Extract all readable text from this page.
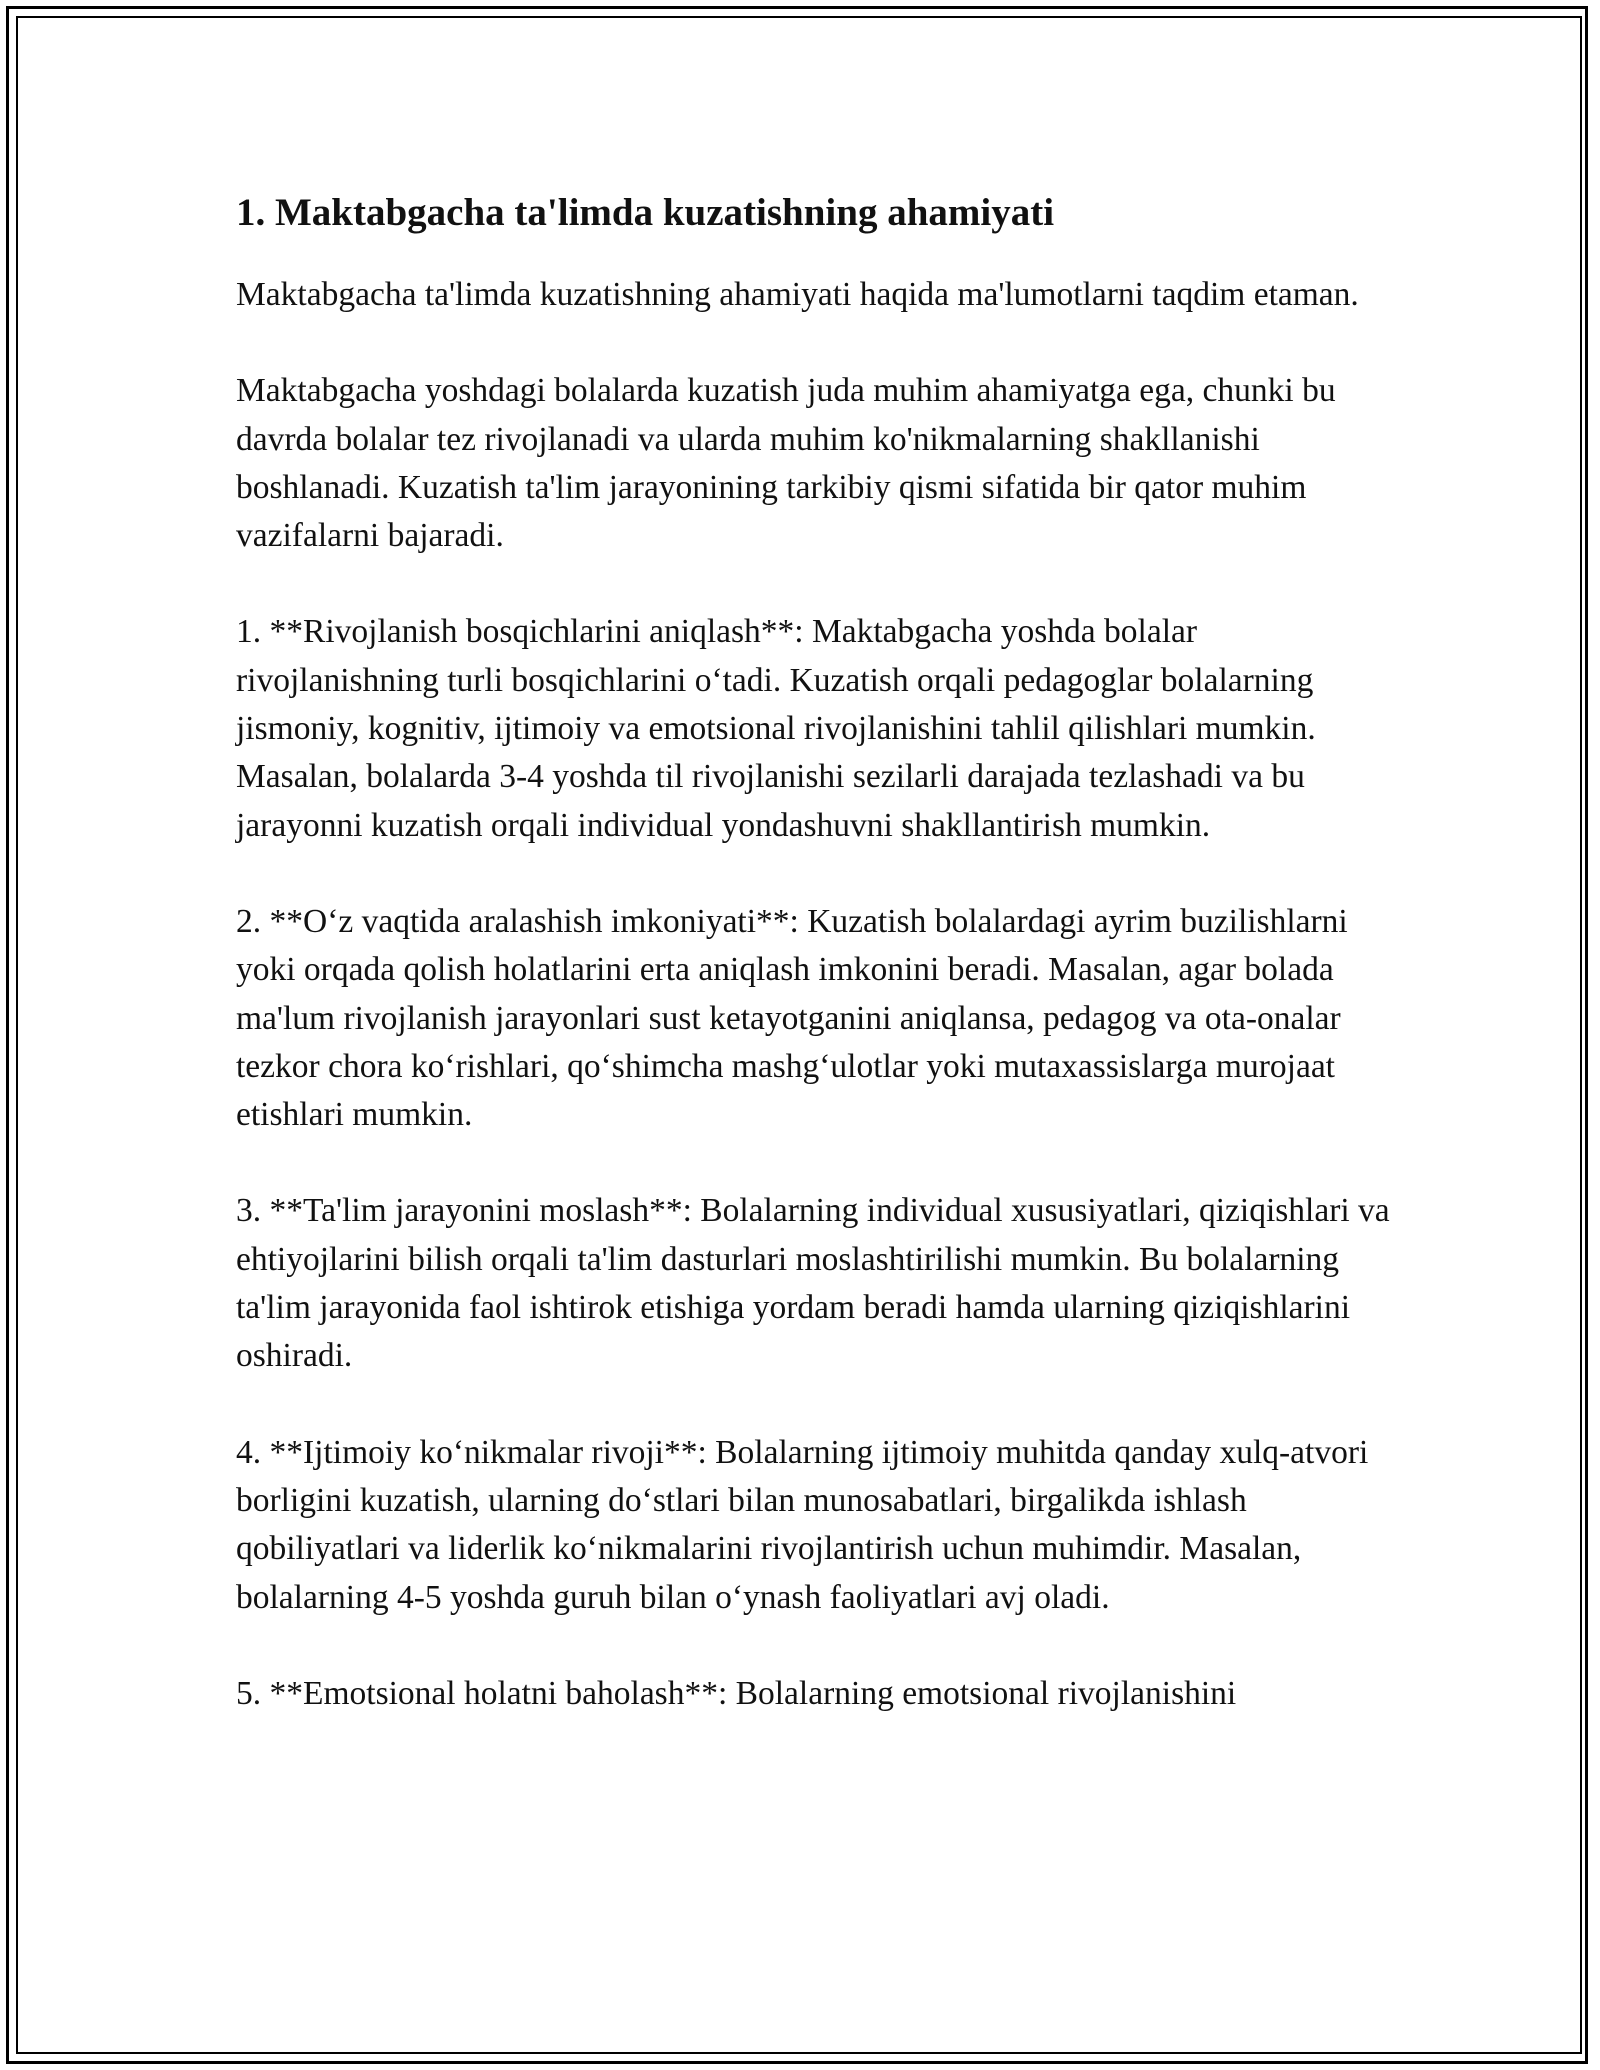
1. Maktabgacha ta'limda kuzatishning ahamiyati

Maktabgacha ta'limda kuzatishning ahamiyati haqida ma'lumotlarni taqdim etaman.

Maktabgacha yoshdagi bolalarda kuzatish juda muhim ahamiyatga ega, chunki bu davrda bolalar tez rivojlanadi va ularda muhim ko'nikmalarning shakllanishi boshlanadi. Kuzatish ta'lim jarayonining tarkibiy qismi sifatida bir qator muhim vazifalarni bajaradi.

1. **Rivojlanish bosqichlarini aniqlash**: Maktabgacha yoshda bolalar rivojlanishning turli bosqichlarini o‘tadi. Kuzatish orqali pedagoglar bolalarning jismoniy, kognitiv, ijtimoiy va emotsional rivojlanishini tahlil qilishlari mumkin. Masalan, bolalarda 3-4 yoshda til rivojlanishi sezilarli darajada tezlashadi va bu jarayonni kuzatish orqali individual yondashuvni shakllantirish mumkin.

2. **O‘z vaqtida aralashish imkoniyati**: Kuzatish bolalardagi ayrim buzilishlarni yoki orqada qolish holatlarini erta aniqlash imkonini beradi. Masalan, agar bolada ma'lum rivojlanish jarayonlari sust ketayotganini aniqlansa, pedagog va ota-onalar tezkor chora ko‘rishlari, qo‘shimcha mashg‘ulotlar yoki mutaxassislarga murojaat etishlari mumkin.

3. **Ta'lim jarayonini moslash**: Bolalarning individual xususiyatlari, qiziqishlari va ehtiyojlarini bilish orqali ta'lim dasturlari moslashtirilishi mumkin. Bu bolalarning ta'lim jarayonida faol ishtirok etishiga yordam beradi hamda ularning qiziqishlarini oshiradi.

4. **Ijtimoiy ko‘nikmalar rivoji**: Bolalarning ijtimoiy muhitda qanday xulq-atvori borligini kuzatish, ularning do‘stlari bilan munosabatlari, birgalikda ishlash qobiliyatlari va liderlik ko‘nikmalarini rivojlantirish uchun muhimdir. Masalan, bolalarning 4-5 yoshda guruh bilan o‘ynash faoliyatlari avj oladi.

5. **Emotsional holatni baholash**: Bolalarning emotsional rivojlanishini
